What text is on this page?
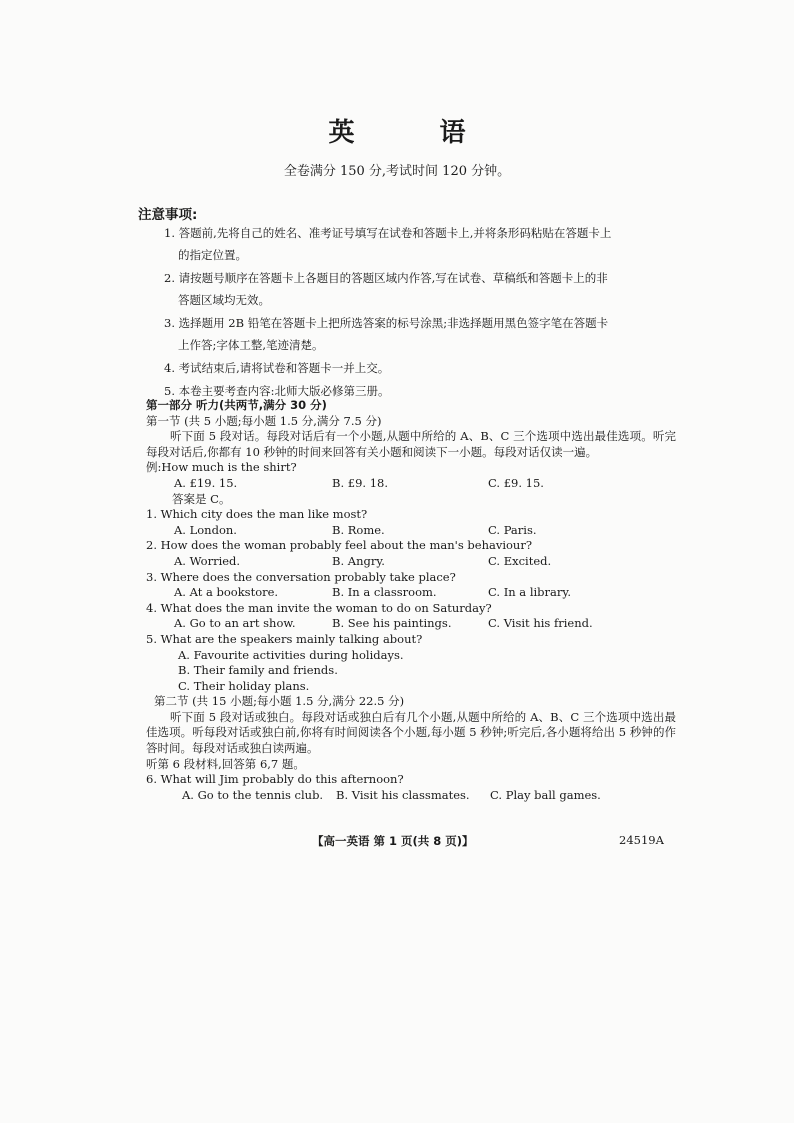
英 语
全卷满分 150 分,考试时间 120 分钟。
注意事项:
1. 答题前,先将自己的姓名、准考证号填写在试卷和答题卡上,并将条形码粘贴在答题卡上
的指定位置。
2. 请按题号顺序在答题卡上各题目的答题区域内作答,写在试卷、草稿纸和答题卡上的非
答题区域均无效。
3. 选择题用 2B 铅笔在答题卡上把所选答案的标号涂黑;非选择题用黑色签字笔在答题卡
上作答;字体工整,笔迹清楚。
4. 考试结束后,请将试卷和答题卡一并上交。
5. 本卷主要考查内容:北师大版必修第三册。
第一部分 听力(共两节,满分 30 分)
第一节 (共 5 小题;每小题 1.5 分,满分 7.5 分)
听下面 5 段对话。每段对话后有一个小题,从题中所给的 A、B、C 三个选项中选出最佳选项。听完每段对话后,你都有 10 秒钟的时间来回答有关小题和阅读下一小题。每段对话仅读一遍。
例:How much is the shirt?
A. £19. 15.	B. £9. 18.	C. £9. 15.
答案是 C。
1. Which city does the man like most?
A. London.	B. Rome.	C. Paris.
2. How does the woman probably feel about the man's behaviour?
A. Worried.	B. Angry.	C. Excited.
3. Where does the conversation probably take place?
A. At a bookstore.	B. In a classroom.	C. In a library.
4. What does the man invite the woman to do on Saturday?
A. Go to an art show.	B. See his paintings.	C. Visit his friend.
5. What are the speakers mainly talking about?
A. Favourite activities during holidays.
B. Their family and friends.
C. Their holiday plans.
第二节 (共 15 小题;每小题 1.5 分,满分 22.5 分)
听下面 5 段对话或独白。每段对话或独白后有几个小题,从题中所给的 A、B、C 三个选项中选出最佳选项。听每段对话或独白前,你将有时间阅读各个小题,每小题 5 秒钟;听完后,各小题将给出 5 秒钟的作答时间。每段对话或独白读两遍。
听第 6 段材料,回答第 6,7 题。
6. What will Jim probably do this afternoon?
A. Go to the tennis club. B. Visit his classmates. C. Play ball games.
【高一英语 第 1 页(共 8 页)】	24519A
